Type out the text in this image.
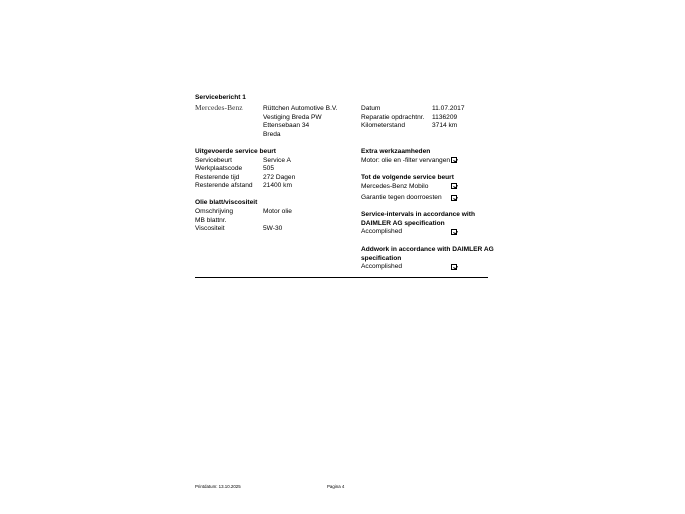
Servicebericht 1
Mercedes-Benz	Rüttchen Automotive B.V.
Vestiging Breda PW
Ettensebaan 34
Breda
Datum	11.07.2017
Reparatie opdrachtnr. 1136209
Kilometerstand	3714 km
Uitgevoerde service beurt
Servicebeurt	Service A
Werkplaatscode	505
Resterende tijd	272 Dagen
Resterende afstand 21400 km
Olie blatt/viscositeit
Omschrijving	Motor olie
MB blattnr.
Viscositeit	5W-30
Extra werkzaamheden
Motor: olie en -filter vervangen
Tot de volgende service beurt
Mercedes-Benz Mobilo
Garantie tegen doorroesten
Service-intervals in accordance with
DAIMLER AG specification
Accomplished
Addwork in accordance with DAIMLER AG
specification
Accomplished
Printdatum: 13.10.2025	Pagina 4
